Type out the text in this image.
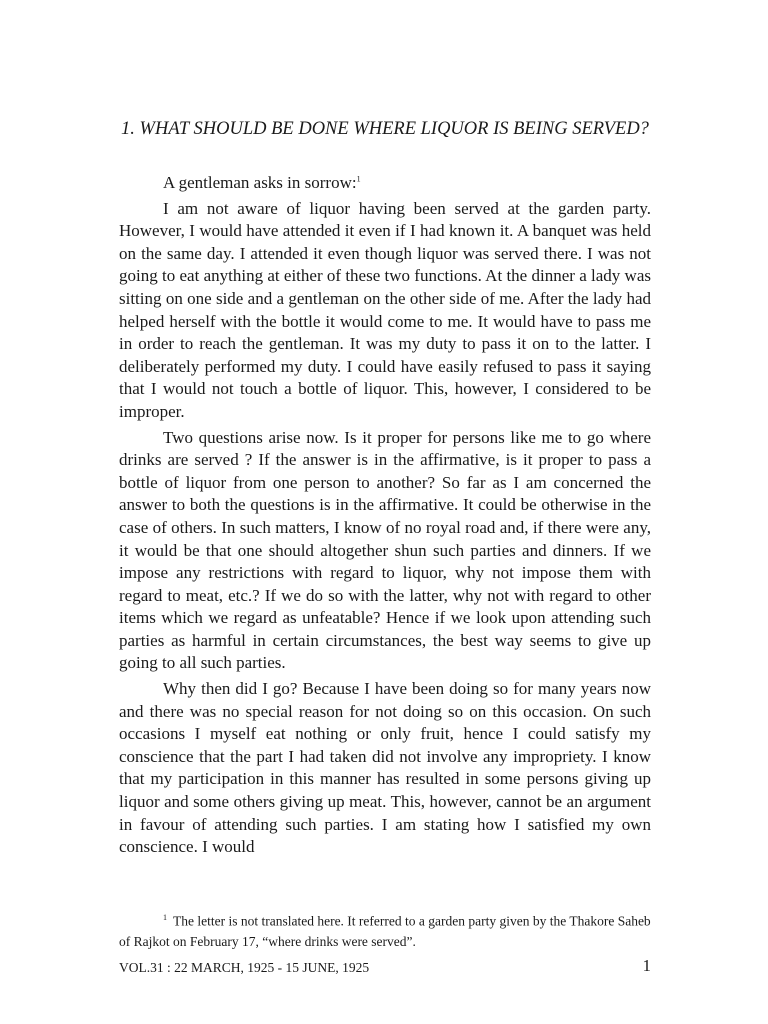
1. WHAT SHOULD BE DONE WHERE LIQUOR IS BEING SERVED?

A gentleman asks in sorrow:$^1$

I am not aware of liquor having been served at the garden party. However, I would have attended it even if I had known it. A banquet was held on the same day. I attended it even though liquor was served there. I was not going to eat anything at either of these two functions. At the dinner a lady was sitting on one side and a gentleman on the other side of me. After the lady had helped herself with the bottle it would come to me. It would have to pass me in order to reach the gentleman. It was my duty to pass it on to the latter. I deliberately performed my duty. I could have easily refused to pass it saying that I would not touch a bottle of liquor. This, however, I considered to be improper.

Two questions arise now. Is it proper for persons like me to go where drinks are served ? If the answer is in the affirmative, is it proper to pass a bottle of liquor from one person to another? So far as I am concerned the answer to both the questions is in the affirmative. It could be otherwise in the case of others. In such matters, I know of no royal road and, if there were any, it would be that one should altogether shun such parties and dinners. If we impose any restrictions with regard to liquor, why not impose them with regard to meat, etc.? If we do so with the latter, why not with regard to other items which we regard as unfeatable? Hence if we look upon attending such parties as harmful in certain circumstances, the best way seems to give up going to all such parties.

Why then did I go? Because I have been doing so for many years now and there was no special reason for not doing so on this occasion. On such occasions I myself eat nothing or only fruit, hence I could satisfy my conscience that the part I had taken did not involve any impropriety. I know that my participation in this manner has resulted in some persons giving up liquor and some others giving up meat. This, however, cannot be an argument in favour of attending such parties. I am stating how I satisfied my own conscience. I would

$^1$ The letter is not translated here. It referred to a garden party given by the Thakore Saheb of Rajkot on February 17, “where drinks were served”.
VOL.31 : 22 MARCH, 1925 - 15 JUNE, 1925	1
